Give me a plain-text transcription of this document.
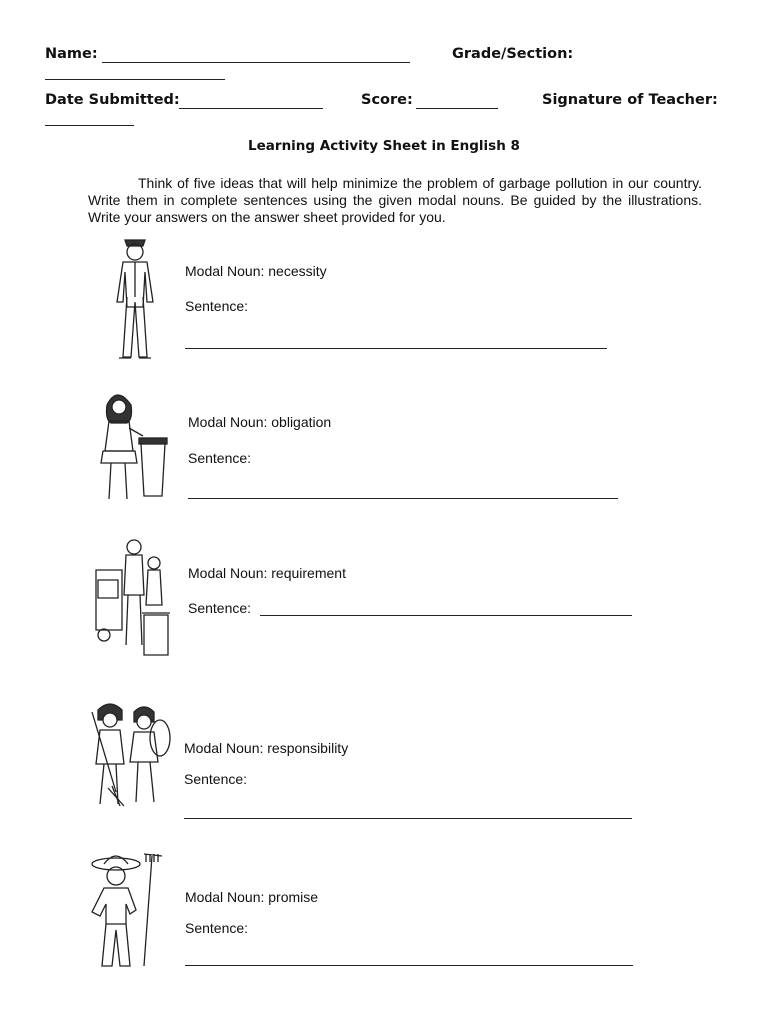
Name:	Grade/Section:
Date Submitted:	Score:	Signature of Teacher:
Learning Activity Sheet in English 8

Think of five ideas that will help minimize the problem of garbage pollution in our country. Write them in complete sentences using the given modal nouns. Be guided by the illustrations. Write your answers on the answer sheet provided for you.

Modal Noun: necessity
Sentence:
Modal Noun: obligation
Sentence:
Modal Noun: requirement
Sentence:
Modal Noun: responsibility
Sentence:
Modal Noun: promise
Sentence:
